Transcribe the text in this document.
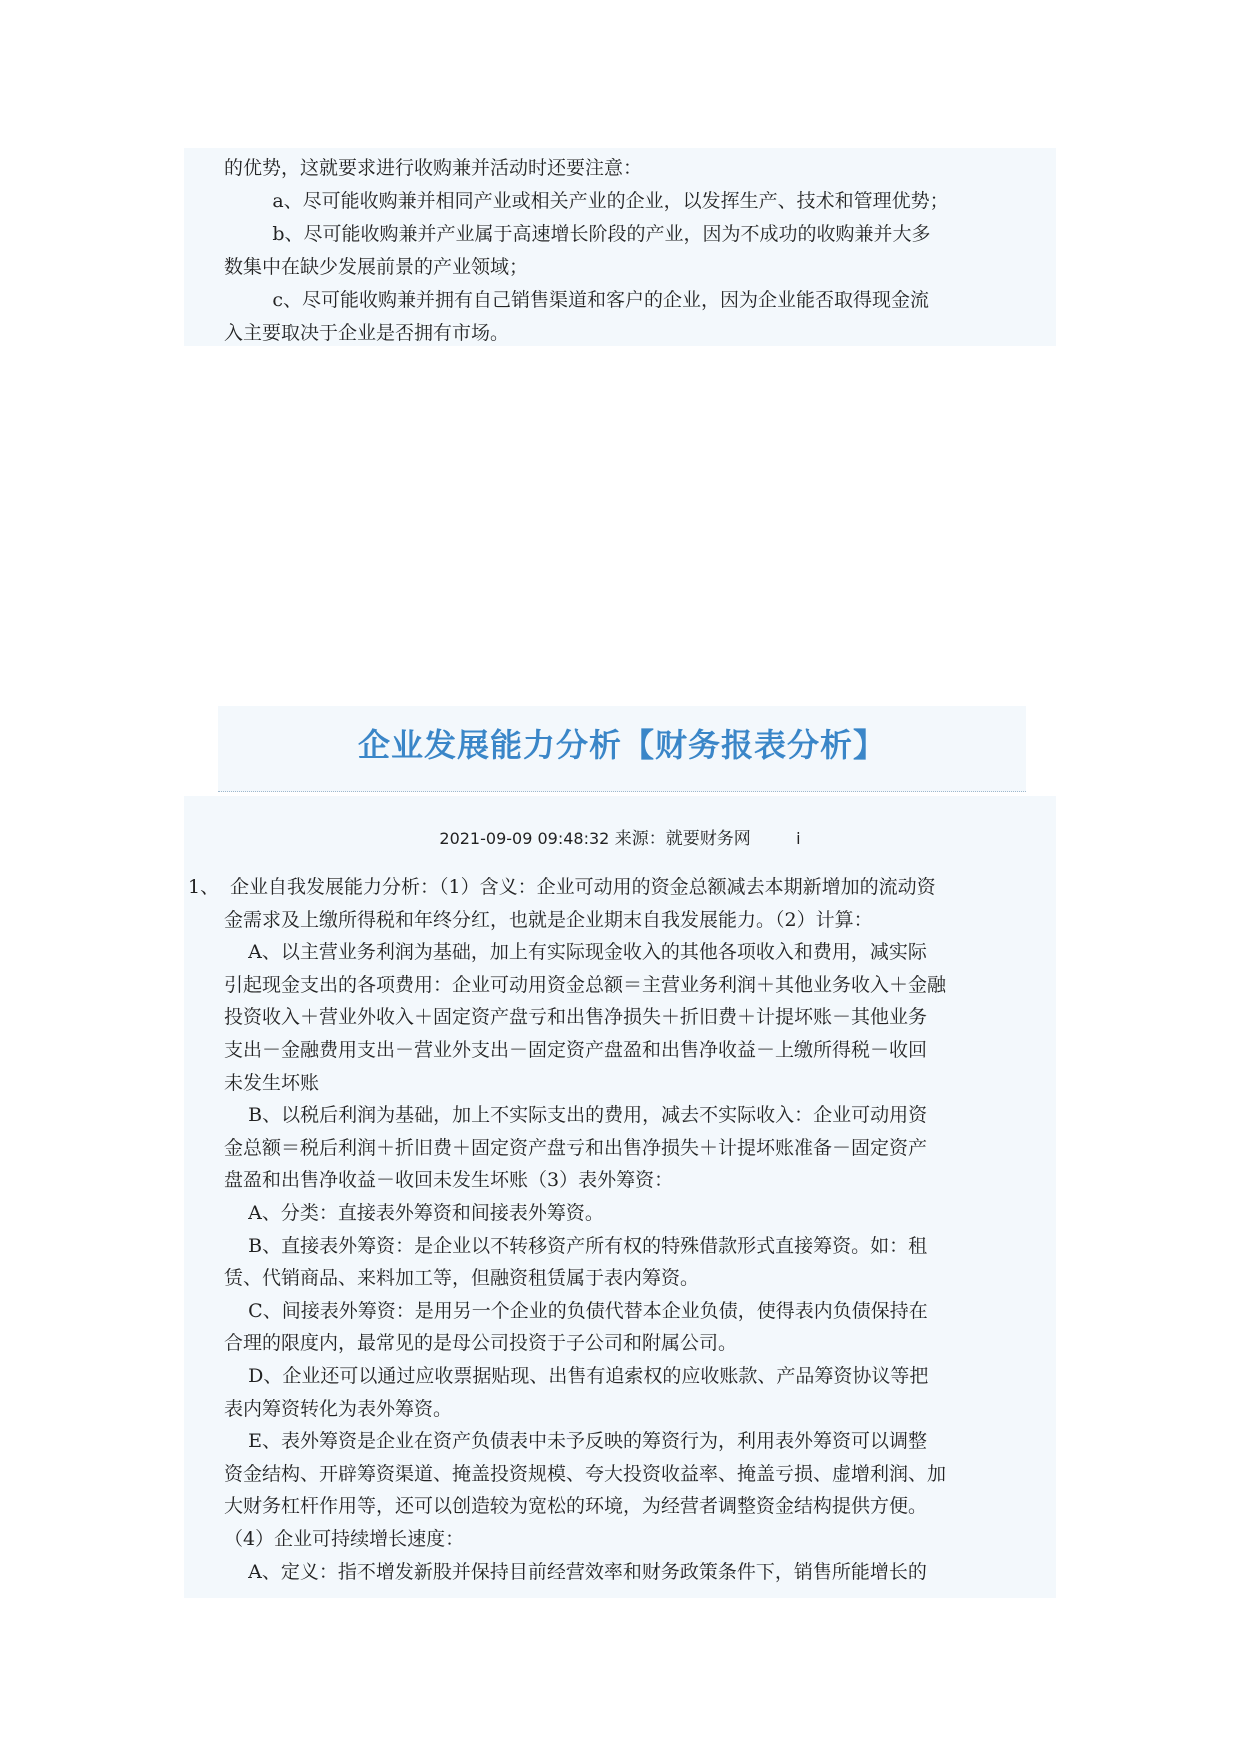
的优势，这就要求进行收购兼并活动时还要注意：
a、尽可能收购兼并相同产业或相关产业的企业，以发挥生产、技术和管理优势；
b、尽可能收购兼并产业属于高速增长阶段的产业，因为不成功的收购兼并大多
数集中在缺少发展前景的产业领域；
c、尽可能收购兼并拥有自己销售渠道和客户的企业，因为企业能否取得现金流
入主要取决于企业是否拥有市场。
企业发展能力分析【财务报表分析】
2021-09-09 09:48:32 来源：就要财务网	i
1、 企业自我发展能力分析：（1）含义：企业可动用的资金总额减去本期新增加的流动资
金需求及上缴所得税和年终分红，也就是企业期末自我发展能力。（2）计算：
A、以主营业务利润为基础，加上有实际现金收入的其他各项收入和费用，减实际
引起现金支出的各项费用：企业可动用资金总额＝主营业务利润＋其他业务收入＋金融
投资收入＋营业外收入＋固定资产盘亏和出售净损失＋折旧费＋计提坏账－其他业务
支出－金融费用支出－营业外支出－固定资产盘盈和出售净收益－上缴所得税－收回
未发生坏账
B、以税后利润为基础，加上不实际支出的费用，减去不实际收入：企业可动用资
金总额＝税后利润＋折旧费＋固定资产盘亏和出售净损失＋计提坏账准备－固定资产
盘盈和出售净收益－收回未发生坏账（3）表外筹资：
A、分类：直接表外筹资和间接表外筹资。
B、直接表外筹资：是企业以不转移资产所有权的特殊借款形式直接筹资。如：租
赁、代销商品、来料加工等，但融资租赁属于表内筹资。
C、间接表外筹资：是用另一个企业的负债代替本企业负债，使得表内负债保持在
合理的限度内，最常见的是母公司投资于子公司和附属公司。
D、企业还可以通过应收票据贴现、出售有追索权的应收账款、产品筹资协议等把
表内筹资转化为表外筹资。
E、表外筹资是企业在资产负债表中未予反映的筹资行为，利用表外筹资可以调整
资金结构、开辟筹资渠道、掩盖投资规模、夸大投资收益率、掩盖亏损、虚增利润、加
大财务杠杆作用等，还可以创造较为宽松的环境，为经营者调整资金结构提供方便。
（4）企业可持续增长速度：
A、定义：指不增发新股并保持目前经营效率和财务政策条件下，销售所能增长的
